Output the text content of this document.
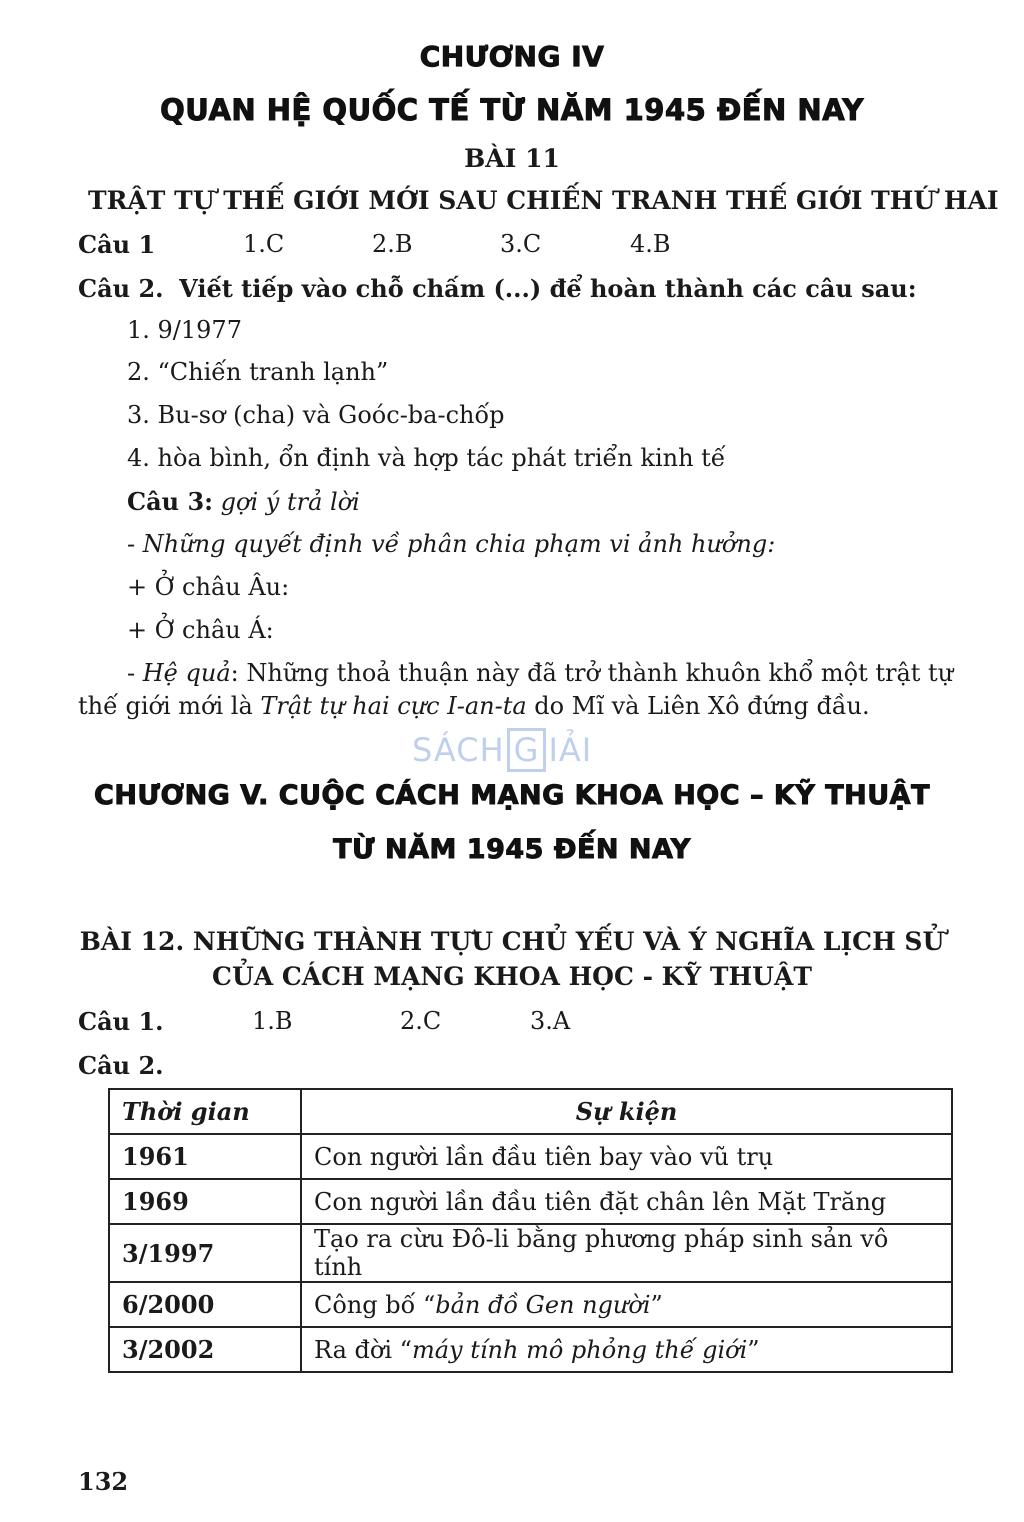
CHƯƠNG IV
QUAN HỆ QUỐC TẾ TỪ NĂM 1945 ĐẾN NAY
BÀI 11
TRẬT TỰ THẾ GIỚI MỚI SAU CHIẾN TRANH THẾ GIỚI THỨ HAI
Câu 1	1.C	2.B	3.C	4.B
Câu 2. Viết tiếp vào chỗ chấm (...) để hoàn thành các câu sau:
1. 9/1977
2. “Chiến tranh lạnh”
3. Bu-sơ (cha) và Goóc-ba-chốp
4. hòa bình, ổn định và hợp tác phát triển kinh tế
Câu 3: gợi ý trả lời
- Những quyết định về phân chia phạm vi ảnh hưởng:
+ Ở châu Âu:
+ Ở châu Á:
- Hệ quả: Những thoả thuận này đã trở thành khuôn khổ một trật tự
thế giới mới là Trật tự hai cực I-an-ta do Mĩ và Liên Xô đứng đầu.
SÁCH G IẢI
CHƯƠNG V. CUỘC CÁCH MẠNG KHOA HỌC – KỸ THUẬT
TỪ NĂM 1945 ĐẾN NAY
BÀI 12. NHỮNG THÀNH TỰU CHỦ YẾU VÀ Ý NGHĨA LỊCH SỬ
CỦA CÁCH MẠNG KHOA HỌC - KỸ THUẬT
Câu 1.	1.B	2.C	3.A
Câu 2.
Thời gian	Sự kiện
1961	Con người lần đầu tiên bay vào vũ trụ
1969	Con người lần đầu tiên đặt chân lên Mặt Trăng
3/1997	Tạo ra cừu Đô-li bằng phương pháp sinh sản vô tính
6/2000	Công bố “bản đồ Gen người”
3/2002	Ra đời “máy tính mô phỏng thế giới”
132
